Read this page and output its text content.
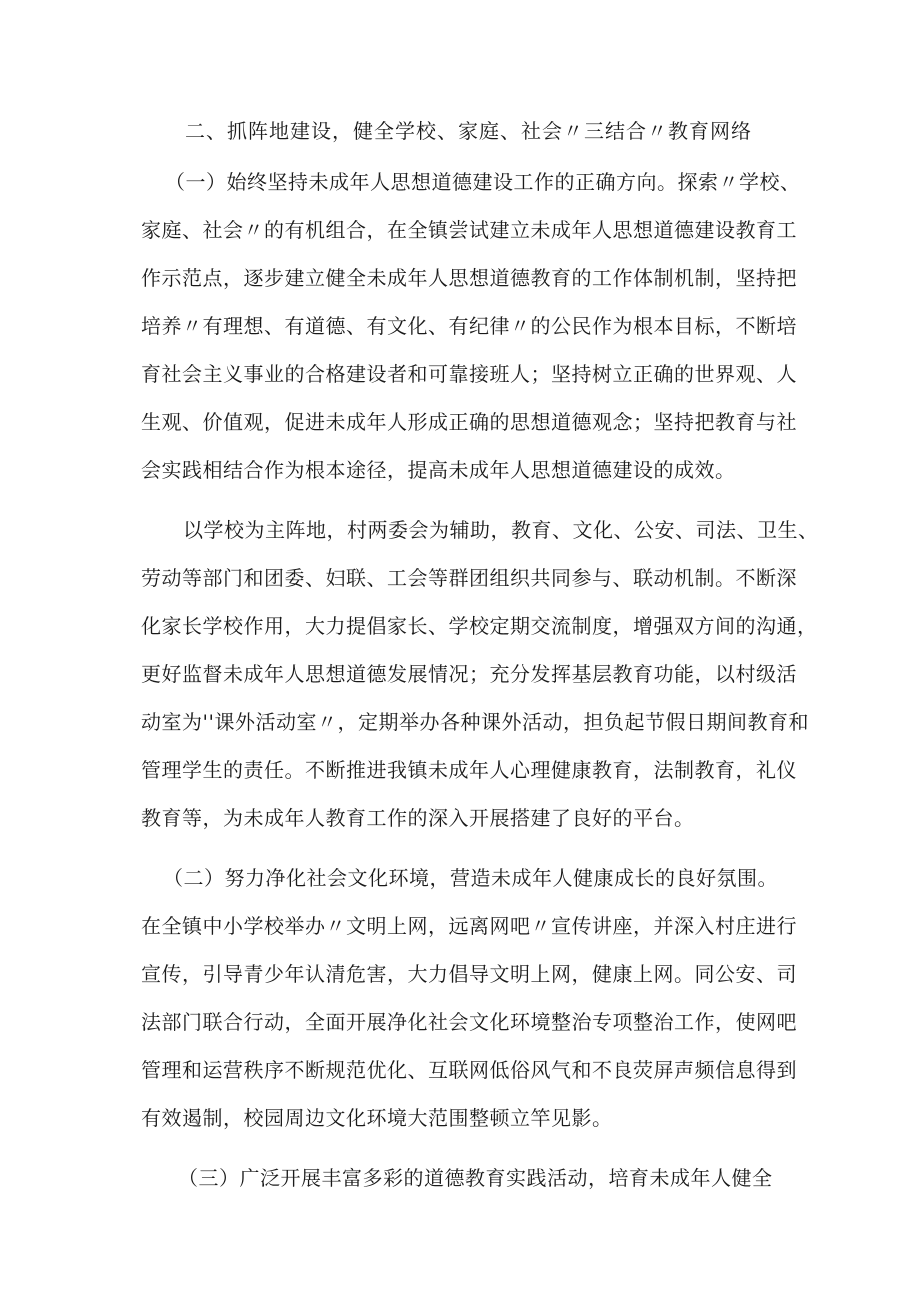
二、抓阵地建设，健全学校、家庭、社会〃三结合〃教育网络
（一）始终坚持未成年人思想道德建设工作的正确方向。探索〃学校、
家庭、社会〃的有机组合，在全镇尝试建立未成年人思想道德建设教育工
作示范点，逐步建立健全未成年人思想道德教育的工作体制机制，坚持把
培养〃有理想、有道德、有文化、有纪律〃的公民作为根本目标，不断培
育社会主义事业的合格建设者和可靠接班人；坚持树立正确的世界观、人
生观、价值观，促进未成年人形成正确的思想道德观念；坚持把教育与社
会实践相结合作为根本途径，提高未成年人思想道德建设的成效。
以学校为主阵地，村两委会为辅助，教育、文化、公安、司法、卫生、
劳动等部门和团委、妇联、工会等群团组织共同参与、联动机制。不断深
化家长学校作用，大力提倡家长、学校定期交流制度，增强双方间的沟通，
更好监督未成年人思想道德发展情况；充分发挥基层教育功能，以村级活
动室为''课外活动室〃，定期举办各种课外活动，担负起节假日期间教育和
管理学生的责任。不断推进我镇未成年人心理健康教育，法制教育，礼仪
教育等，为未成年人教育工作的深入开展搭建了良好的平台。
（二）努力净化社会文化环境，营造未成年人健康成长的良好氛围。
在全镇中小学校举办〃文明上网，远离网吧〃宣传讲座，并深入村庄进行
宣传，引导青少年认清危害，大力倡导文明上网，健康上网。同公安、司
法部门联合行动，全面开展净化社会文化环境整治专项整治工作，使网吧
管理和运营秩序不断规范优化、互联网低俗风气和不良荧屏声频信息得到
有效遏制，校园周边文化环境大范围整顿立竿见影。
（三）广泛开展丰富多彩的道德教育实践活动，培育未成年人健全
